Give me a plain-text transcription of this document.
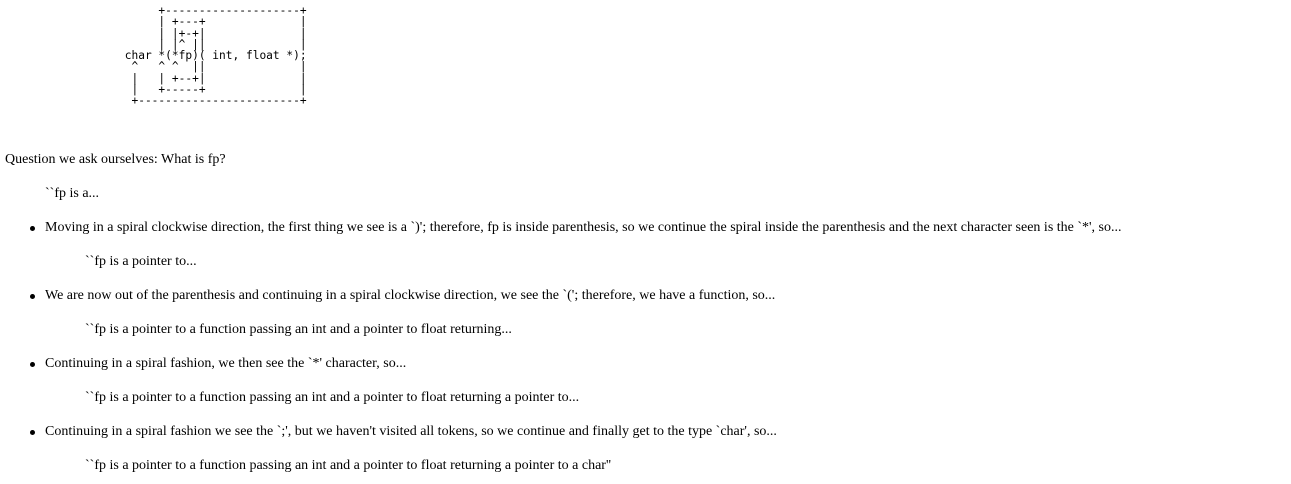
+--------------------+
| +---+              |
| |+-+|              |
| |^ ||              |
char *(*fp)( int, float *);
^   ^ ^  ||              |
|   | +--+|              |
|   +-----+              |
+------------------------+

Question we ask ourselves: What is fp?

``fp is a...

Moving in a spiral clockwise direction, the first thing we see is a `)'; therefore, fp is inside parenthesis, so we continue the spiral inside the parenthesis and the next character seen is the `*', so...
``fp is a pointer to...
We are now out of the parenthesis and continuing in a spiral clockwise direction, we see the `('; therefore, we have a function, so...
``fp is a pointer to a function passing an int and a pointer to float returning...
Continuing in a spiral fashion, we then see the `*' character, so...
``fp is a pointer to a function passing an int and a pointer to float returning a pointer to...
Continuing in a spiral fashion we see the `;', but we haven't visited all tokens, so we continue and finally get to the type `char', so...
``fp is a pointer to a function passing an int and a pointer to float returning a pointer to a char''
